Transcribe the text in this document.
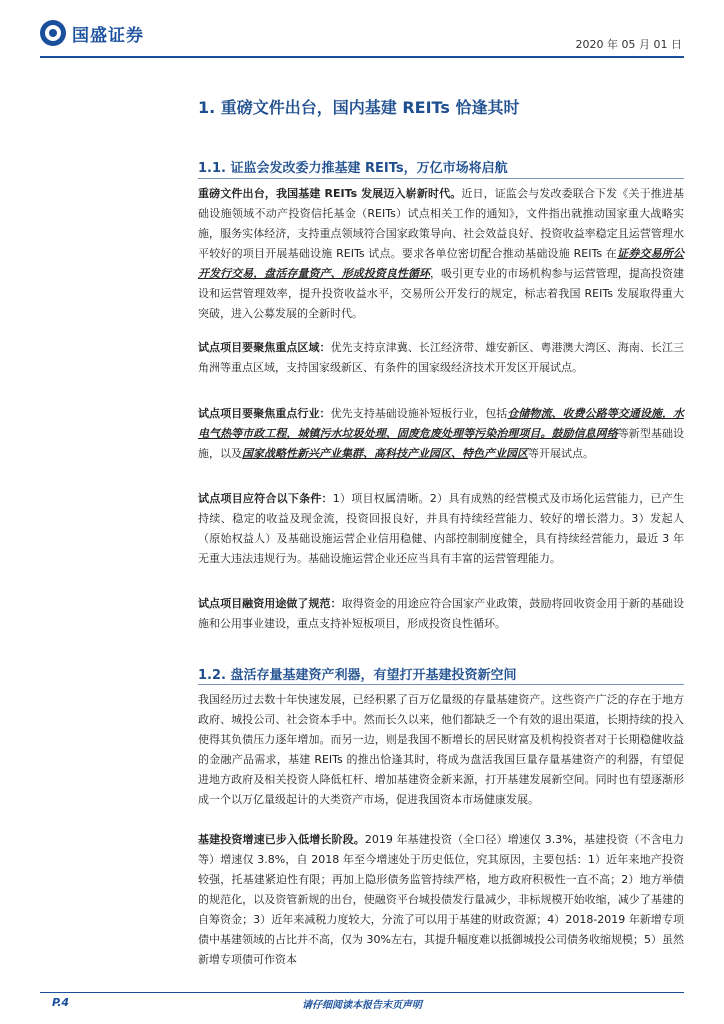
国盛证券	2020 年 05 月 01 日
1. 重磅文件出台，国内基建 REITs 恰逢其时
1.1. 证监会发改委力推基建 REITs，万亿市场将启航

重磅文件出台，我国基建 REITs 发展迈入崭新时代。近日，证监会与发改委联合下发《关于推进基础设施领域不动产投资信托基金（REITs）试点相关工作的通知》，文件指出就推动国家重大战略实施，服务实体经济，支持重点领域符合国家政策导向、社会效益良好、投资收益率稳定且运营管理水平较好的项目开展基础设施 REITs 试点。要求各单位密切配合推动基础设施 REITs 在证券交易所公开发行交易，盘活存量资产、形成投资良性循环，吸引更专业的市场机构参与运营管理，提高投资建设和运营管理效率，提升投资收益水平，交易所公开发行的规定，标志着我国 REITs 发展取得重大突破，进入公募发展的全新时代。

试点项目要聚焦重点区域：优先支持京津冀、长江经济带、雄安新区、粤港澳大湾区、海南、长江三角洲等重点区域，支持国家级新区、有条件的国家级经济技术开发区开展试点。

试点项目要聚焦重点行业：优先支持基础设施补短板行业，包括仓储物流、收费公路等交通设施，水电气热等市政工程，城镇污水垃圾处理、固废危废处理等污染治理项目。鼓励信息网络等新型基础设施，以及国家战略性新兴产业集群、高科技产业园区、特色产业园区等开展试点。

试点项目应符合以下条件：1）项目权属清晰。2）具有成熟的经营模式及市场化运营能力，已产生持续、稳定的收益及现金流，投资回报良好，并具有持续经营能力、较好的增长潜力。3）发起人（原始权益人）及基础设施运营企业信用稳健、内部控制制度健全，具有持续经营能力，最近 3 年无重大违法违规行为。基础设施运营企业还应当具有丰富的运营管理能力。

试点项目融资用途做了规范：取得资金的用途应符合国家产业政策，鼓励将回收资金用于新的基础设施和公用事业建设，重点支持补短板项目，形成投资良性循环。

1.2. 盘活存量基建资产利器，有望打开基建投资新空间

我国经历过去数十年快速发展，已经积累了百万亿量级的存量基建资产。这些资产广泛的存在于地方政府、城投公司、社会资本手中。然而长久以来，他们都缺乏一个有效的退出渠道，长期持续的投入使得其负债压力逐年增加。而另一边，则是我国不断增长的居民财富及机构投资者对于长期稳健收益的金融产品需求，基建 REITs 的推出恰逢其时，将成为盘活我国巨量存量基建资产的利器，有望促进地方政府及相关投资人降低杠杆、增加基建资金新来源，打开基建发展新空间。同时也有望逐渐形成一个以万亿量级起计的大类资产市场，促进我国资本市场健康发展。

基建投资增速已步入低增长阶段。2019 年基建投资（全口径）增速仅 3.3%，基建投资（不含电力等）增速仅 3.8%，自 2018 年至今增速处于历史低位，究其原因，主要包括：1）近年来地产投资较强，托基建紧迫性有限；再加上隐形债务监管持续严格，地方政府积极性一直不高；2）地方举债的规范化，以及资管新规的出台，使融资平台城投债发行量减少，非标规模开始收缩，减少了基建的自筹资金；3）近年来减税力度较大，分流了可以用于基建的财政资源；4）2018-2019 年新增专项债中基建领域的占比并不高，仅为 30%左右，其提升幅度难以抵御城投公司债务收缩规模；5）虽然新增专项债可作资本

P.4	请仔细阅读本报告末页声明
